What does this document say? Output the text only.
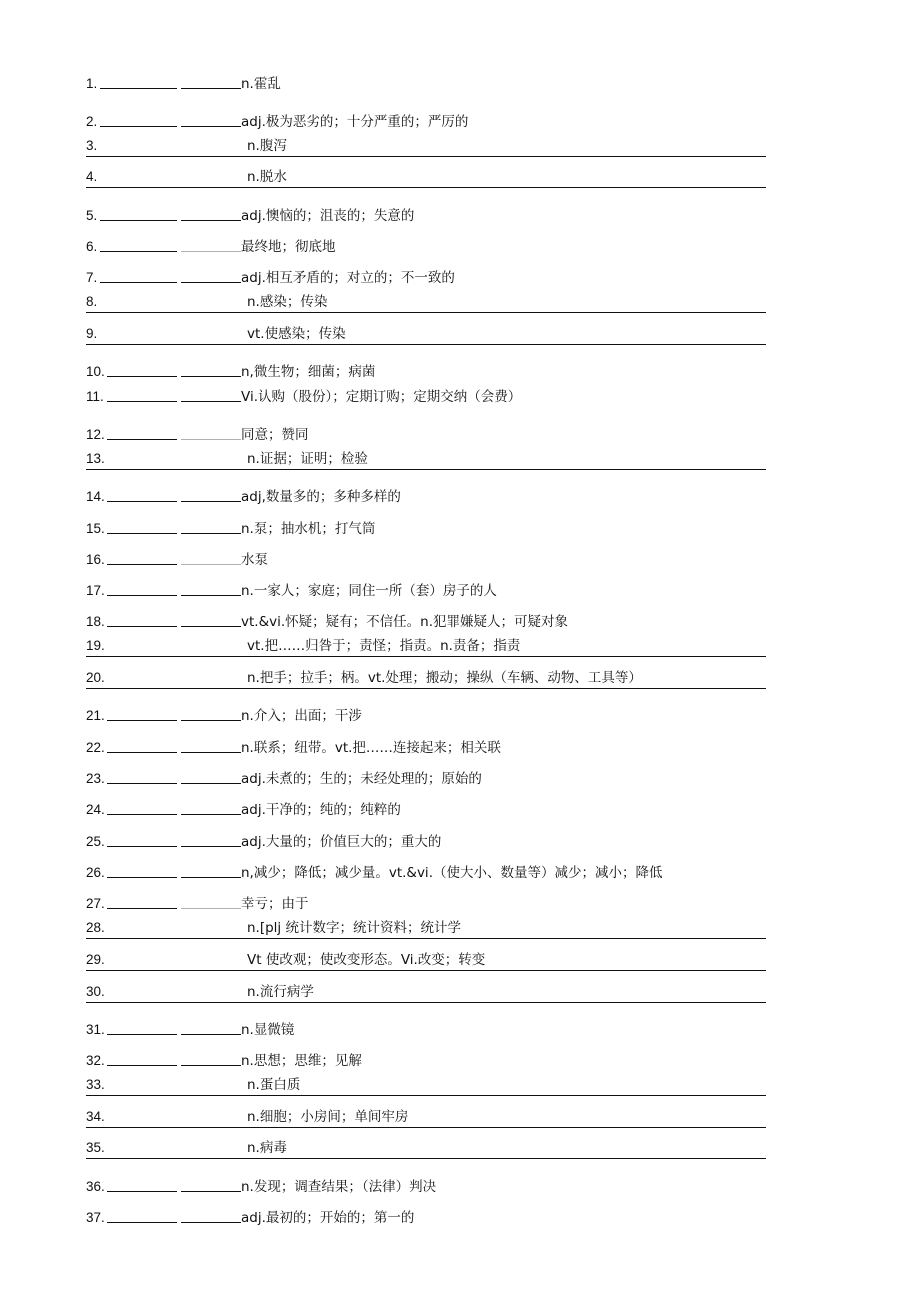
1.	n.霍乱
2.	adj.极为恶劣的；十分严重的；严厉的
3.	n.腹泻
4.	n.脱水
5.	adj.懊恼的；沮丧的；失意的
6.	最终地；彻底地
7.	adj.相互矛盾的；对立的；不一致的
8.	n.感染；传染
9.	vt.使感染；传染
10.	n,微生物；细菌；病菌
11.	Vi.认购（股份）；定期订购；定期交纳（会费）
12.	同意；赞同
13.	n.证据；证明；检验
14.	adj,数量多的；多种多样的
15.	n.泵；抽水机；打气筒
16.	水泵
17.	n.一家人；家庭；同住一所（套）房子的人
18.	vt.&vi.怀疑；疑有；不信任。n.犯罪嫌疑人；可疑对象
19.	vt.把……归咎于；责怪；指责。n.责备；指责
20.	n.把手；拉手；柄。vt.处理；搬动；操纵（车辆、动物、工具等）
21.	n.介入；出面；干涉
22.	n.联系；纽带。vt.把……连接起来；相关联
23.	adj.未煮的；生的；未经处理的；原始的
24.	adj.干净的；纯的；纯粹的
25.	adj.大量的；价值巨大的；重大的
26.	n,减少；降低；减少量。vt.&vi.（使大小、数量等）减少；减小；降低
27.	幸亏；由于
28.	n.[plj 统计数字；统计资料；统计学
29.	Vt 使改观；使改变形态。Vi.改变；转变
30.	n.流行病学
31.	n.显微镜
32.	n.思想；思维；见解
33.	n.蛋白质
34.	n.细胞；小房间；单间牢房
35.	n.病毒
36.	n.发现；调查结果；（法律）判决
37.	adj.最初的；开始的；第一的
